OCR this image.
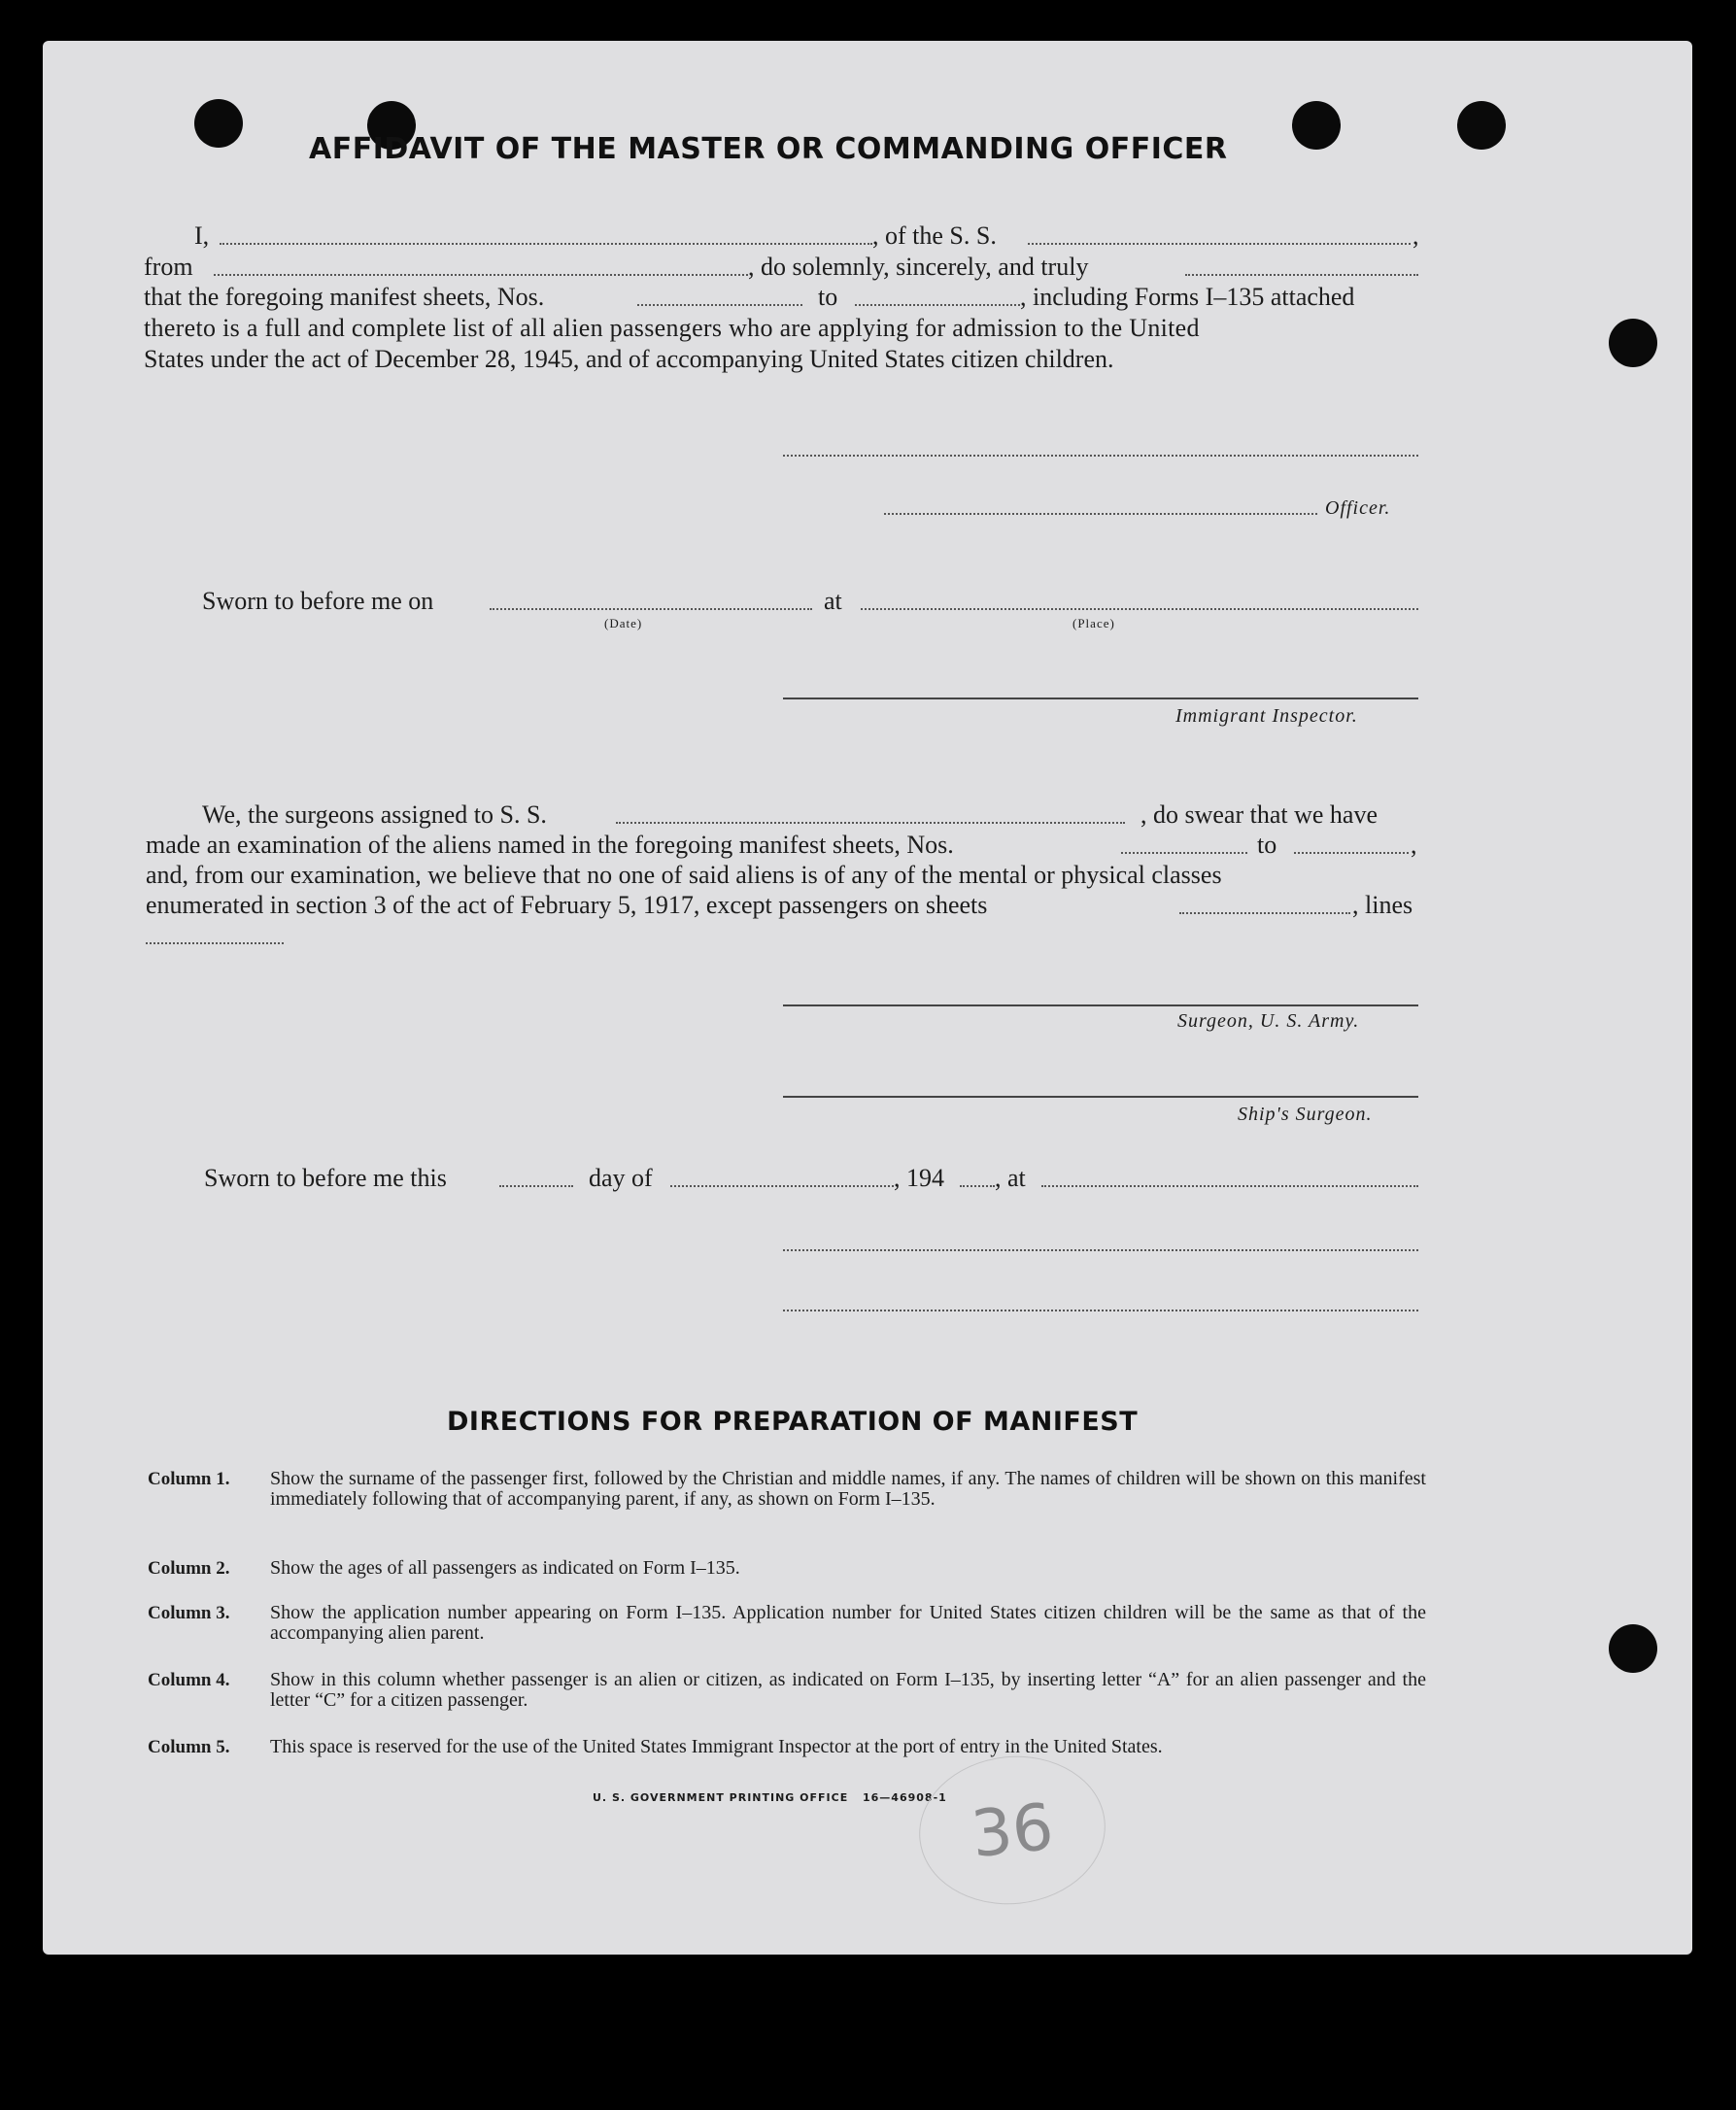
AFFIDAVIT OF THE MASTER OR COMMANDING OFFICER
I,	, of the S. S.	,
from	, do solemnly, sincerely, and truly
that the foregoing manifest sheets, Nos.	to	, including Forms I–135 attached
thereto is a full and complete list of all alien passengers who are applying for admission to the United
States under the act of December 28, 1945, and of accompanying United States citizen children.
Officer.
Sworn to before me on	at
(Date)	(Place)
Immigrant Inspector.
We, the surgeons assigned to S. S.	, do swear that we have
made an examination of the aliens named in the foregoing manifest sheets, Nos.	to	,
and, from our examination, we believe that no one of said aliens is of any of the mental or physical classes
enumerated in section 3 of the act of February 5, 1917, except passengers on sheets	, lines
Surgeon, U. S. Army.
Ship's Surgeon.
Sworn to before me this	day of	, 194 , at
DIRECTIONS FOR PREPARATION OF MANIFEST
Column 1. Show the surname of the passenger first, followed by the Christian and middle names, if any. The names of children will be shown on this manifest immediately following that of accompanying parent, if any, as shown on Form I–135.
Column 2. Show the ages of all passengers as indicated on Form I–135.
Column 3. Show the application number appearing on Form I–135. Application number for United States citizen children will be the same as that of the accompanying alien parent.
Column 4. Show in this column whether passenger is an alien or citizen, as indicated on Form I–135, by inserting letter “A” for an alien passenger and the letter “C” for a citizen passenger.
Column 5. This space is reserved for the use of the United States Immigrant Inspector at the port of entry in the United States.
U. S. GOVERNMENT PRINTING OFFICE 16—46908-1 36
